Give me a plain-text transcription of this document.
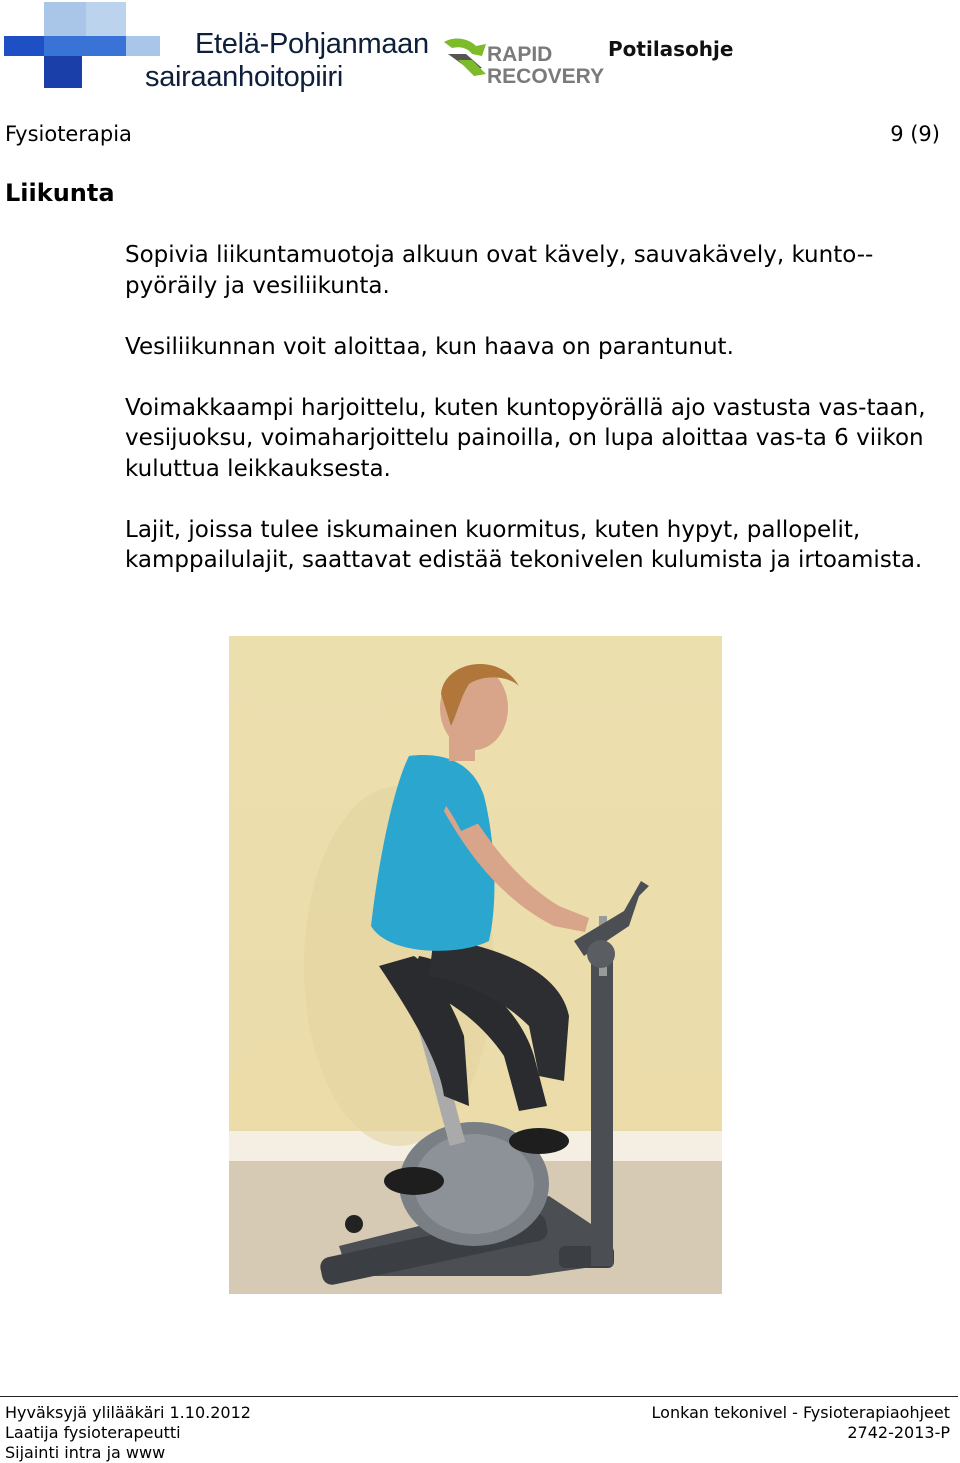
Etelä-Pohjanmaan
sairaanhoitopiiri
RAPID
RECOVERY
Potilasohje
Fysioterapia	9 (9)
Liikunta

Sopivia liikuntamuotoja alkuun ovat kävely, sauvakävely, kunto-pyöräily ja vesiliikunta.

Vesiliikunnan voit aloittaa, kun haava on parantunut.

Voimakkaampi harjoittelu, kuten kuntopyörällä ajo vastusta vas-taan, vesijuoksu, voimaharjoittelu painoilla, on lupa aloittaa vas-ta 6 viikon kuluttua leikkauksesta.

Lajit, joissa tulee iskumainen kuormitus, kuten hypyt, pallopelit, kamppailulajit, saattavat edistää tekonivelen kulumista ja irtoamista.

Hyväksyjä ylilääkäri 1.10.2012
Laatija fysioterapeutti
Sijainti intra ja www
Lonkan tekonivel - Fysioterapiaohjeet
2742-2013-P
